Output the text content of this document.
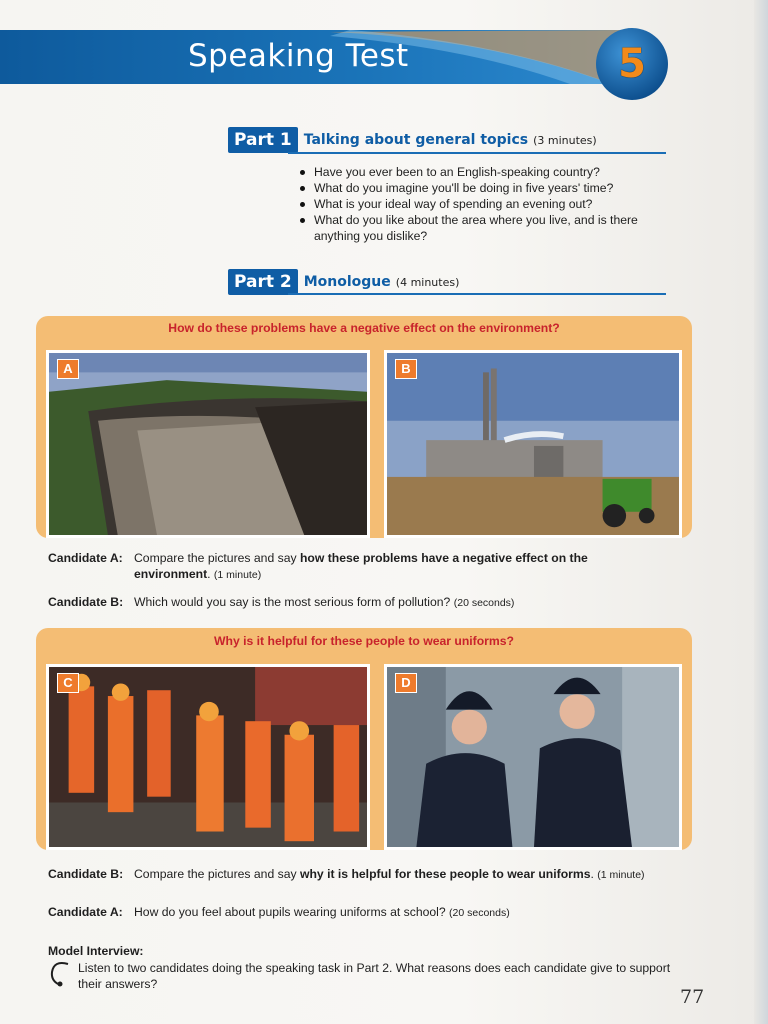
Speaking Test	5
Part 1 Talking about general topics (3 minutes)
Have you ever been to an English-speaking country?
What do you imagine you'll be doing in five years' time?
What is your ideal way of spending an evening out?
What do you like about the area where you live, and is there anything you dislike?
Part 2 Monologue (4 minutes)
How do these problems have a negative effect on the environment?
A	B
Candidate A: Compare the pictures and say how these problems have a negative effect on the
environment. (1 minute)
Candidate B: Which would you say is the most serious form of pollution? (20 seconds)
Why is it helpful for these people to wear uniforms?
C	D
Candidate B: Compare the pictures and say why it is helpful for these people to wear uniforms. (1 minute)
Candidate A: How do you feel about pupils wearing uniforms at school? (20 seconds)
Model Interview:
Listen to two candidates doing the speaking task in Part 2. What reasons does each candidate give to support their answers?
77
